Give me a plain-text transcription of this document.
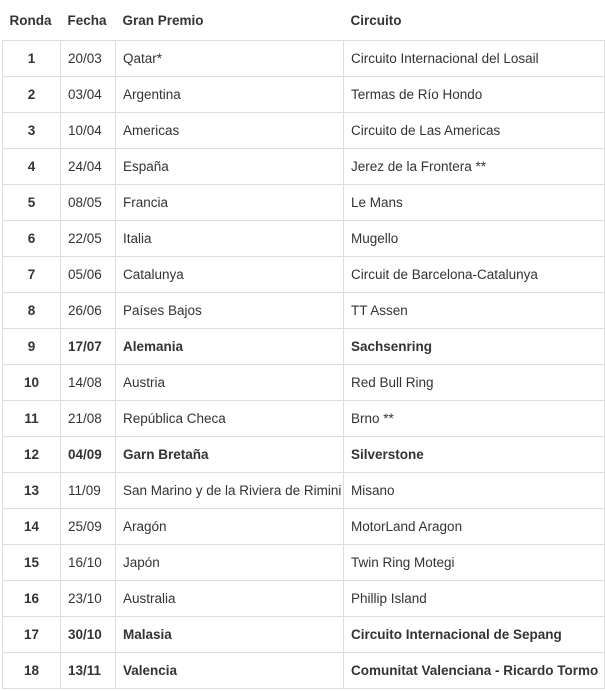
Ronda	Fecha	Gran Premio	Circuito
1	20/03	Qatar*	Circuito Internacional del Losail
2	03/04	Argentina	Termas de Río Hondo
3	10/04	Americas	Circuito de Las Americas
4	24/04	España	Jerez de la Frontera **
5	08/05	Francia	Le Mans
6	22/05	Italia	Mugello
7	05/06	Catalunya	Circuit de Barcelona-Catalunya
8	26/06	Países Bajos	TT Assen
9	17/07	Alemania	Sachsenring
10	14/08	Austria	Red Bull Ring
11	21/08	República Checa	Brno **
12	04/09	Garn Bretaña	Silverstone
13	11/09	San Marino y de la Riviera de Rimini	Misano
14	25/09	Aragón	MotorLand Aragon
15	16/10	Japón	Twin Ring Motegi
16	23/10	Australia	Phillip Island
17	30/10	Malasia	Circuito Internacional de Sepang
18	13/11	Valencia	Comunitat Valenciana - Ricardo Tormo
